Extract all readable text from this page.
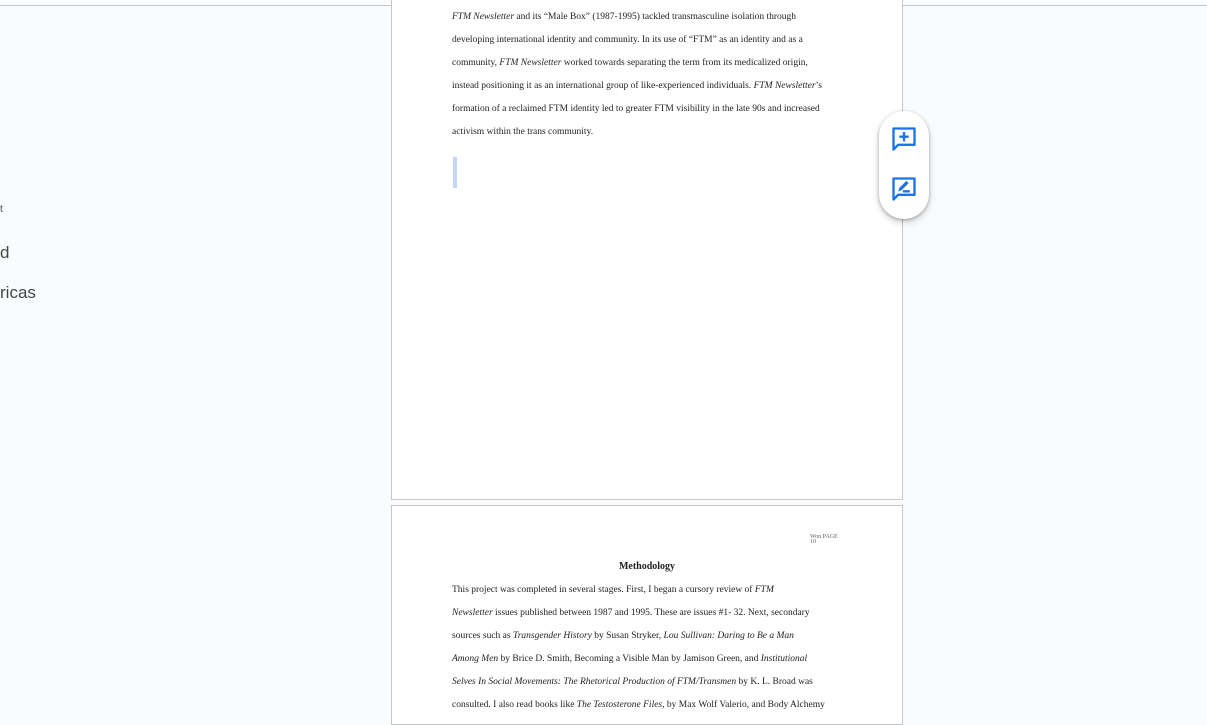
t
d
ricas
FTM Newsletter and its “Male Box” (1987-1995) tackled transmasculine isolation through
developing international identity and community. In its use of “FTM” as an identity and as a
community, FTM Newsletter worked towards separating the term from its medicalized origin,
instead positioning it as an international group of like-experienced individuals. FTM Newsletter’s
formation of a reclaimed FTM identity led to greater FTM visibility in the late 90s and increased
activism within the trans community.
Won PAGE 10
Methodology
This project was completed in several stages. First, I began a cursory review of FTM
Newsletter issues published between 1987 and 1995. These are issues #1- 32. Next, secondary
sources such as Transgender History by Susan Stryker, Lou Sullivan: Daring to Be a Man
Among Men by Brice D. Smith, Becoming a Visible Man by Jamison Green, and Institutional
Selves In Social Movements: The Rhetorical Production of FTM/Transmen by K. L. Broad was
consulted. I also read books like The Testosterone Files, by Max Wolf Valerio, and Body Alchemy
